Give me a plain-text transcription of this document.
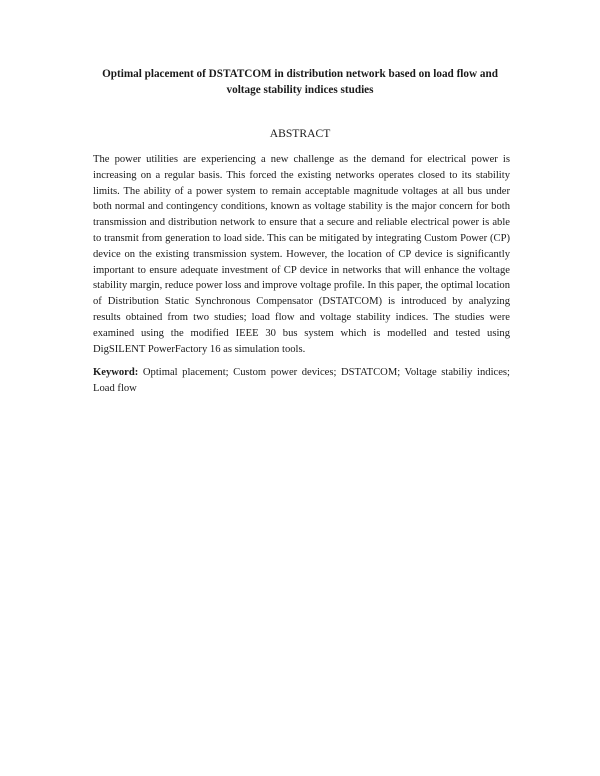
Optimal placement of DSTATCOM in distribution network based on load flow and
voltage stability indices studies
ABSTRACT

The power utilities are experiencing a new challenge as the demand for electrical power is increasing on a regular basis. This forced the existing networks operates closed to its stability limits. The ability of a power system to remain acceptable magnitude voltages at all bus under both normal and contingency conditions, known as voltage stability is the major concern for both transmission and distribution network to ensure that a secure and reliable electrical power is able to transmit from generation to load side. This can be mitigated by integrating Custom Power (CP) device on the existing transmission system. However, the location of CP device is significantly important to ensure adequate investment of CP device in networks that will enhance the voltage stability margin, reduce power loss and improve voltage profile. In this paper, the optimal location of Distribution Static Synchronous Compensator (DSTATCOM) is introduced by analyzing results obtained from two studies; load flow and voltage stability indices. The studies were examined using the modified IEEE 30 bus system which is modelled and tested using DigSILENT PowerFactory 16 as simulation tools.

Keyword: Optimal placement; Custom power devices; DSTATCOM; Voltage stabiliy indices; Load flow
